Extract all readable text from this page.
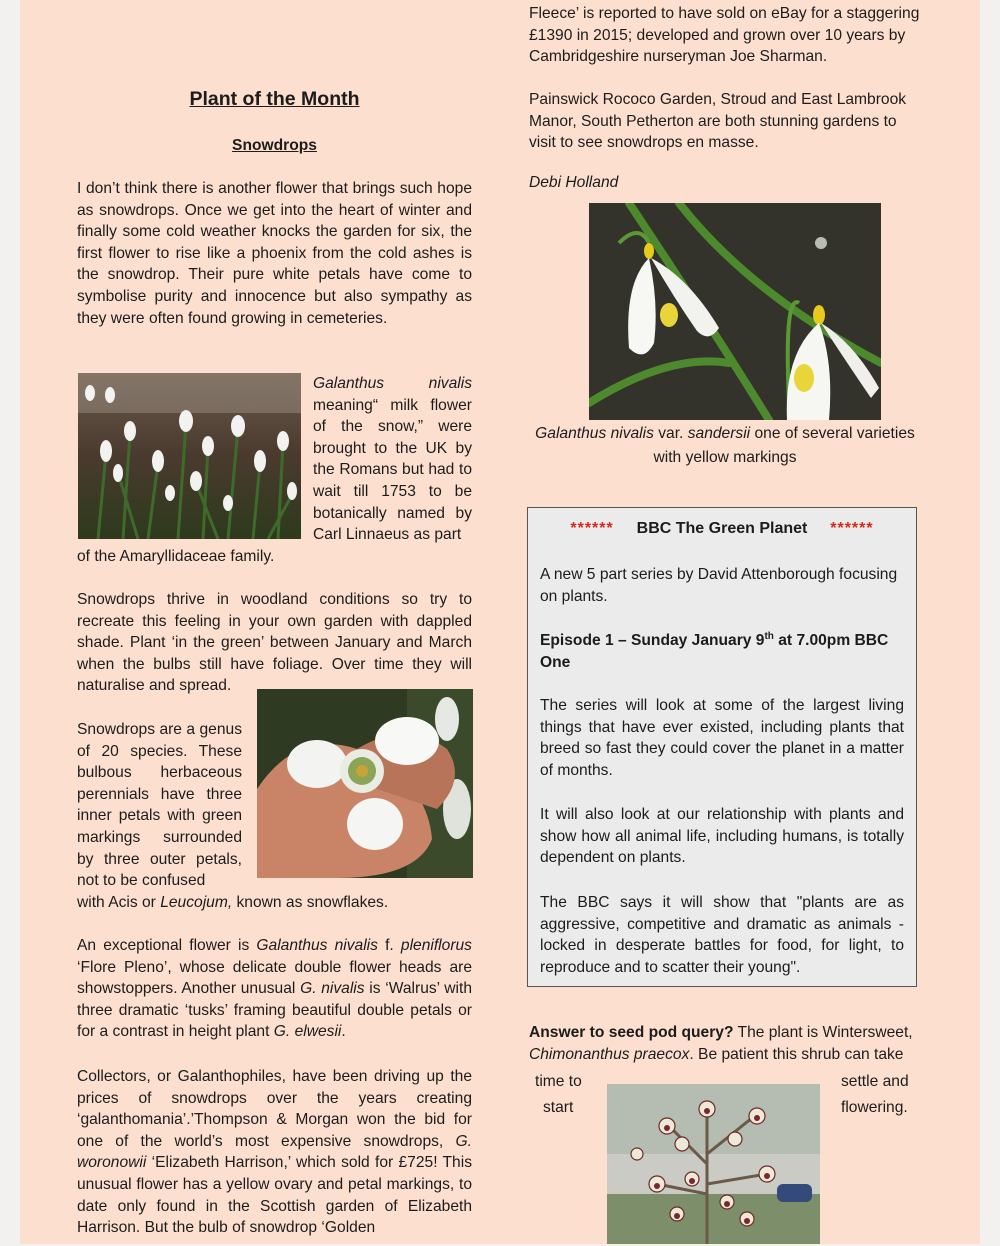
Plant of the Month
Snowdrops

I don’t think there is another flower that brings such hope as snowdrops. Once we get into the heart of winter and finally some cold weather knocks the garden for six, the first flower to rise like a phoenix from the cold ashes is the snowdrop. Their pure white petals have come to symbolise purity and innocence but also sympathy as they were often found growing in cemeteries.

Galanthus nivalis meaning“ milk flower of the snow,” were brought to the UK by the Romans but had to wait till 1753 to be botanically named by Carl Linnaeus as part

of the Amaryllidaceae family.

Snowdrops thrive in woodland conditions so try to recreate this feeling in your own garden with dappled shade. Plant ‘in the green’ between January and March when the bulbs still have foliage. Over time they will naturalise and spread.

Snowdrops are a genus of 20 species. These bulbous herbaceous perennials have three inner petals with green markings surrounded by three outer petals, not to be confused

with Acis or Leucojum, known as snowflakes.

An exceptional flower is Galanthus nivalis f. pleniflorus ‘Flore Pleno’, whose delicate double flower heads are showstoppers. Another unusual G. nivalis is ‘Walrus’ with three dramatic ‘tusks’ framing beautiful double petals or for a contrast in height plant G. elwesii.

Collectors, or Galanthophiles, have been driving up the prices of snowdrops over the years creating ‘galanthomania’.’Thompson & Morgan won the bid for one of the world’s most expensive snowdrops, G. woronowii ‘Elizabeth Harrison,’ which sold for £725! This unusual flower has a yellow ovary and petal markings, to date only found in the Scottish garden of Elizabeth Harrison. But the bulb of snowdrop ‘Golden

Fleece’ is reported to have sold on eBay for a staggering £1390 in 2015; developed and grown over 10 years by Cambridgeshire nurseryman Joe Sharman.

Painswick Rococo Garden, Stroud and East Lambrook Manor, South Petherton are both stunning gardens to visit to see snowdrops en masse.

Debi Holland

Galanthus nivalis var. sandersii one of several varieties with yellow markings

****** BBC The Green Planet ******

A new 5 part series by David Attenborough focusing on plants.

Episode 1 – Sunday January 9th at 7.00pm BBC One

The series will look at some of the largest living things that have ever existed, including plants that breed so fast they could cover the planet in a matter of months.

It will also look at our relationship with plants and show how all animal life, including humans, is totally dependent on plants.

The BBC says it will show that "plants are as aggressive, competitive and dramatic as animals - locked in desperate battles for food, for light, to reproduce and to scatter their young".

Answer to seed pod query? The plant is Wintersweet,
Chimonanthus praecox. Be patient this shrub can take

time to
start
settle and
flowering.
